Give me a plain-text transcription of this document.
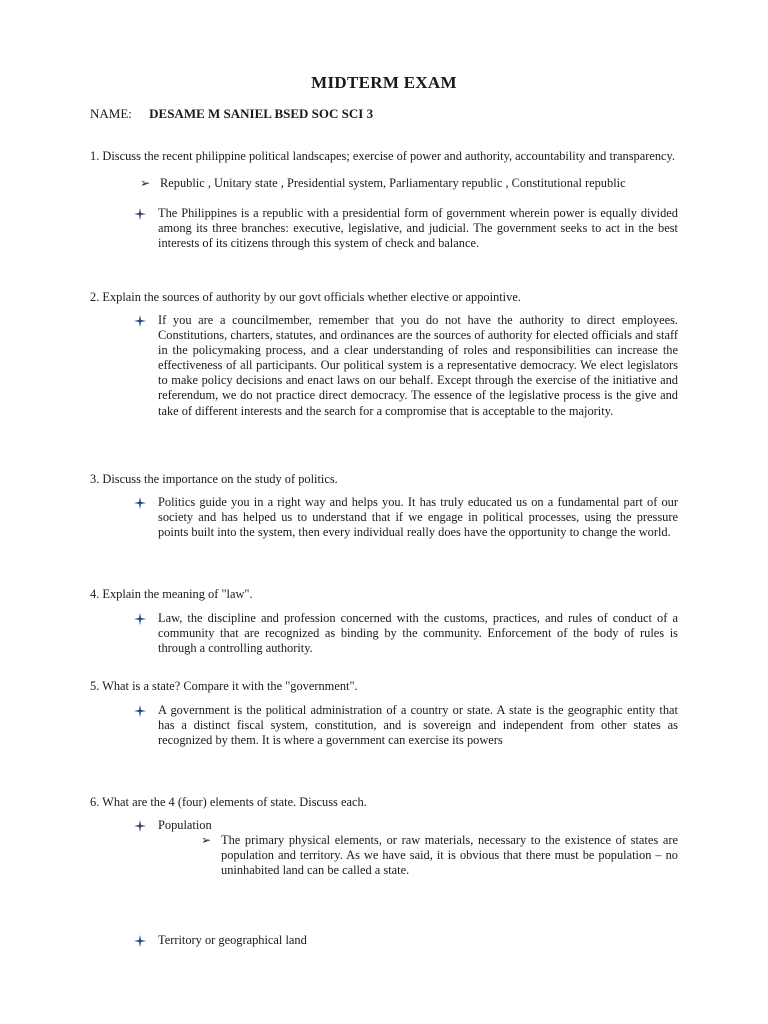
MIDTERM EXAM
NAME: DESAME M SANIEL BSED SOC SCI 3
1. Discuss the recent philippine political landscapes; exercise of power and authority, accountability and transparency.
➢ Republic , Unitary state , Presidential system, Parliamentary republic , Constitutional republic
The Philippines is a republic with a presidential form of government wherein power is equally divided among its three branches: executive, legislative, and judicial. The government seeks to act in the best interests of its citizens through this system of check and balance.
2. Explain the sources of authority by our govt officials whether elective or appointive.
If you are a councilmember, remember that you do not have the authority to direct employees. Constitutions, charters, statutes, and ordinances are the sources of authority for elected officials and staff in the policymaking process, and a clear understanding of roles and responsibilities can increase the effectiveness of all participants. Our political system is a representative democracy. We elect legislators to make policy decisions and enact laws on our behalf. Except through the exercise of the initiative and referendum, we do not practice direct democracy. The essence of the legislative process is the give and take of different interests and the search for a compromise that is acceptable to the majority.
3. Discuss the importance on the study of politics.
Politics guide you in a right way and helps you. It has truly educated us on a fundamental part of our society and has helped us to understand that if we engage in political processes, using the pressure points built into the system, then every individual really does have the opportunity to change the world.
4. Explain the meaning of "law".
Law, the discipline and profession concerned with the customs, practices, and rules of conduct of a community that are recognized as binding by the community. Enforcement of the body of rules is through a controlling authority.
5. What is a state? Compare it with the "government".
A government is the political administration of a country or state. A state is the geographic entity that has a distinct fiscal system, constitution, and is sovereign and independent from other states as recognized by them. It is where a government can exercise its powers
6. What are the 4 (four) elements of state. Discuss each.
Population
➢ The primary physical elements, or raw materials, necessary to the existence of states are population and territory. As we have said, it is obvious that there must be population – no uninhabited land can be called a state.
Territory or geographical land
